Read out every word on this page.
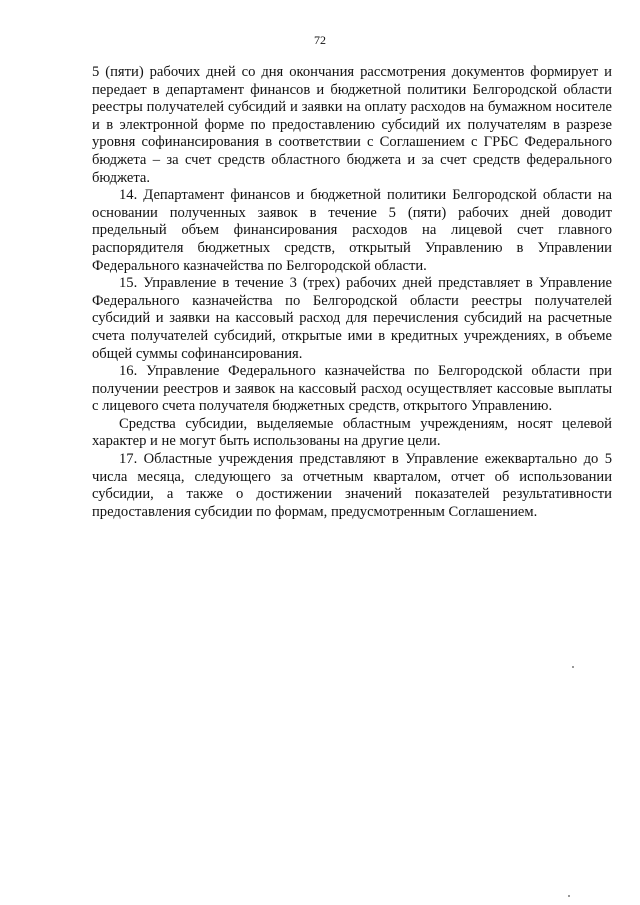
72

5 (пяти) рабочих дней со дня окончания рассмотрения документов формирует и передает в департамент финансов и бюджетной политики Белгородской области реестры получателей субсидий и заявки на оплату расходов на бумажном носителе и в электронной форме по предоставлению субсидий их получателям в разрезе уровня софинансирования в соответствии с Соглашением с ГРБС Федерального бюджета – за счет средств областного бюджета и за счет средств федерального бюджета.

14. Департамент финансов и бюджетной политики Белгородской области на основании полученных заявок в течение 5 (пяти) рабочих дней доводит предельный объем финансирования расходов на лицевой счет главного распорядителя бюджетных средств, открытый Управлению в Управлении Федерального казначейства по Белгородской области.

15. Управление в течение 3 (трех) рабочих дней представляет в Управление Федерального казначейства по Белгородской области реестры получателей субсидий и заявки на кассовый расход для перечисления субсидий на расчетные счета получателей субсидий, открытые ими в кредитных учреждениях, в объеме общей суммы софинансирования.

16. Управление Федерального казначейства по Белгородской области при получении реестров и заявок на кассовый расход осуществляет кассовые выплаты с лицевого счета получателя бюджетных средств, открытого Управлению.

Средства субсидии, выделяемые областным учреждениям, носят целевой характер и не могут быть использованы на другие цели.

17. Областные учреждения представляют в Управление ежеквартально до 5 числа месяца, следующего за отчетным кварталом, отчет об использовании субсидии, а также о достижении значений показателей результативности предоставления субсидии по формам, предусмотренным Соглашением.
